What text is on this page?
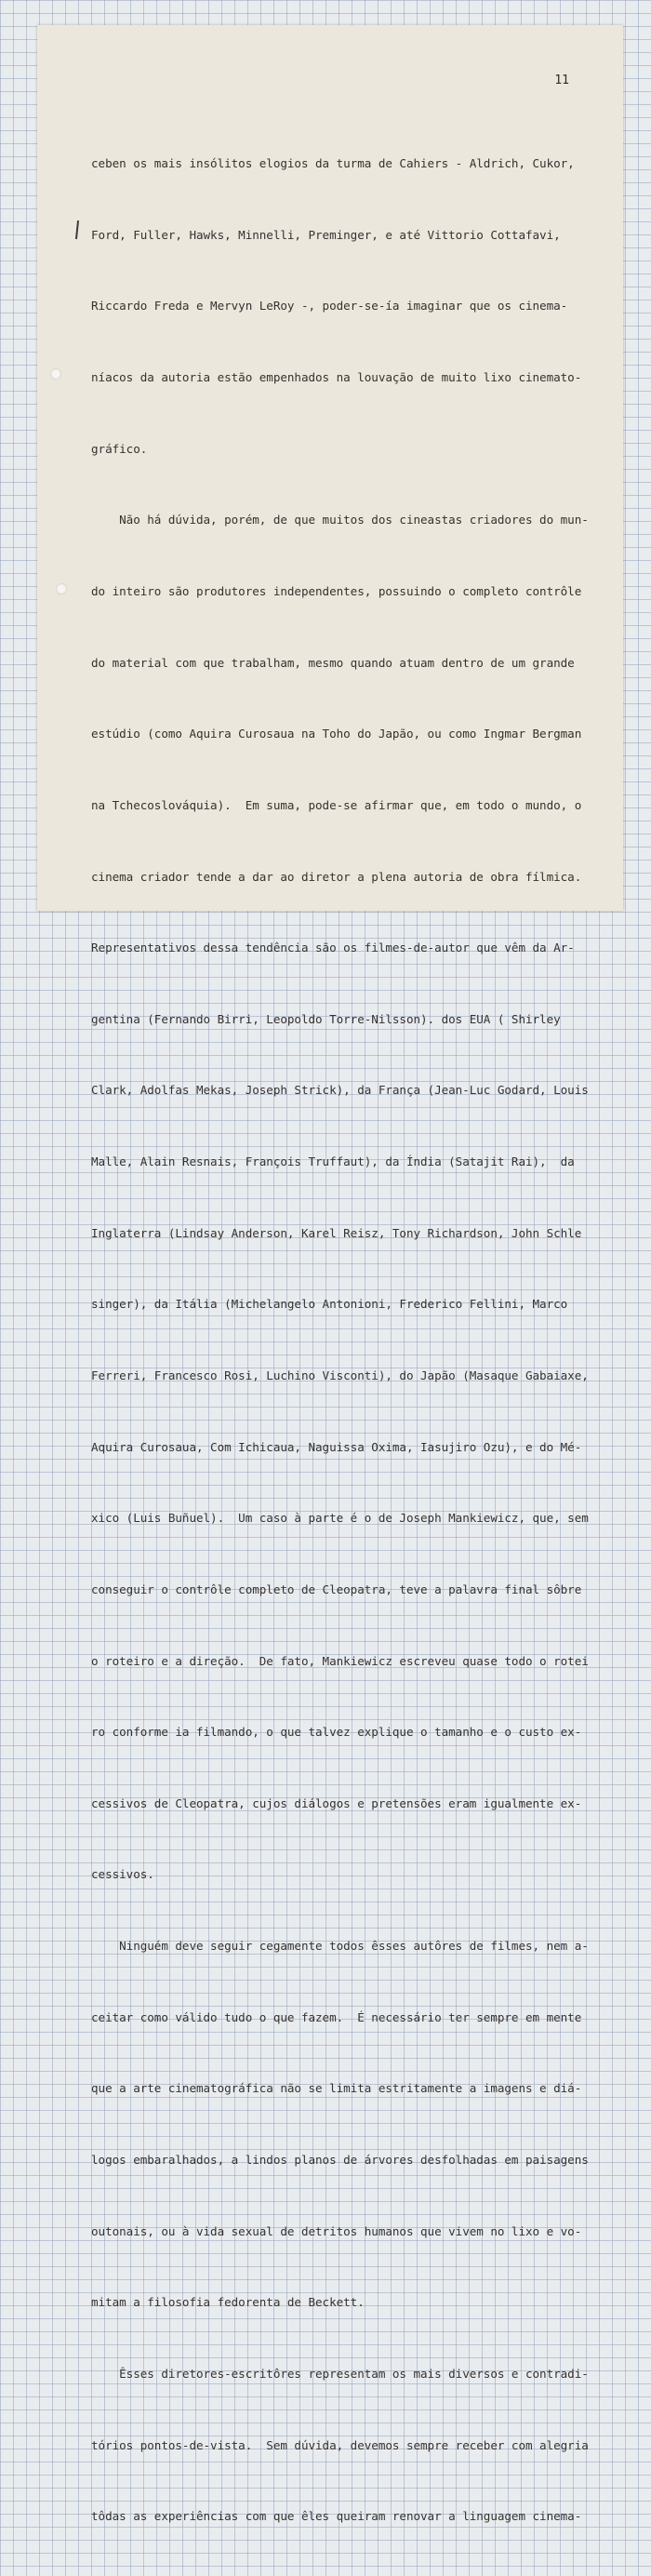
11

ceben os mais insólitos elogios da turma de Cahiers - Aldrich, Cukor,

Ford, Fuller, Hawks, Minnelli, Preminger, e até Vittorio Cottafavi,

Riccardo Freda e Mervyn LeRoy -, poder-se-ía imaginar que os cinema-

níacos da autoria estão empenhados na louvação de muito lixo cinemato-

gráfico.

Não há dúvida, porém, de que muitos dos cineastas criadores do mun-

do inteiro são produtores independentes, possuindo o completo contrôle

do material com que trabalham, mesmo quando atuam dentro de um grande

estúdio (como Aquira Curosaua na Toho do Japão, ou como Ingmar Bergman

na Tchecoslováquia).  Em suma, pode-se afirmar que, em todo o mundo, o

cinema criador tende a dar ao diretor a plena autoria de obra fílmica.

Representativos dessa tendência são os filmes-de-autor que vêm da Ar-

gentina (Fernando Birri, Leopoldo Torre-Nilsson). dos EUA ( Shirley

Clark, Adolfas Mekas, Joseph Strick), da França (Jean-Luc Godard, Louis

Malle, Alain Resnais, François Truffaut), da Índia (Satajit Rai),  da

Inglaterra (Lindsay Anderson, Karel Reisz, Tony Richardson, John Schle

singer), da Itália (Michelangelo Antonioni, Frederico Fellini, Marco

Ferreri, Francesco Rosi, Luchino Visconti), do Japão (Masaque Gabaiaxe,

Aquira Curosaua, Com Ichicaua, Naguissa Oxima, Iasujiro Ozu), e do Mé-

xico (Luis Buñuel).  Um caso à parte é o de Joseph Mankiewicz, que, sem

conseguir o contrôle completo de Cleopatra, teve a palavra final sôbre

o roteiro e a direção.  De fato, Mankiewicz escreveu quase todo o rotei

ro conforme ia filmando, o que talvez explique o tamanho e o custo ex-

cessivos de Cleopatra, cujos diálogos e pretensões eram igualmente ex-

cessivos.

Ninguém deve seguir cegamente todos êsses autôres de filmes, nem a-

ceitar como válido tudo o que fazem.  É necessário ter sempre em mente

que a arte cinematográfica não se limita estritamente a imagens e diá-

logos embaralhados, a lindos planos de árvores desfolhadas em paisagens

outonais, ou à vida sexual de detritos humanos que vivem no lixo e vo-

mitam a filosofia fedorenta de Beckett.

Êsses diretores-escritôres representam os mais diversos e contradi-

tórios pontos-de-vista.  Sem dúvida, devemos sempre receber com alegria

tôdas as experiências com que êles queiram renovar a linguagem cinema-
